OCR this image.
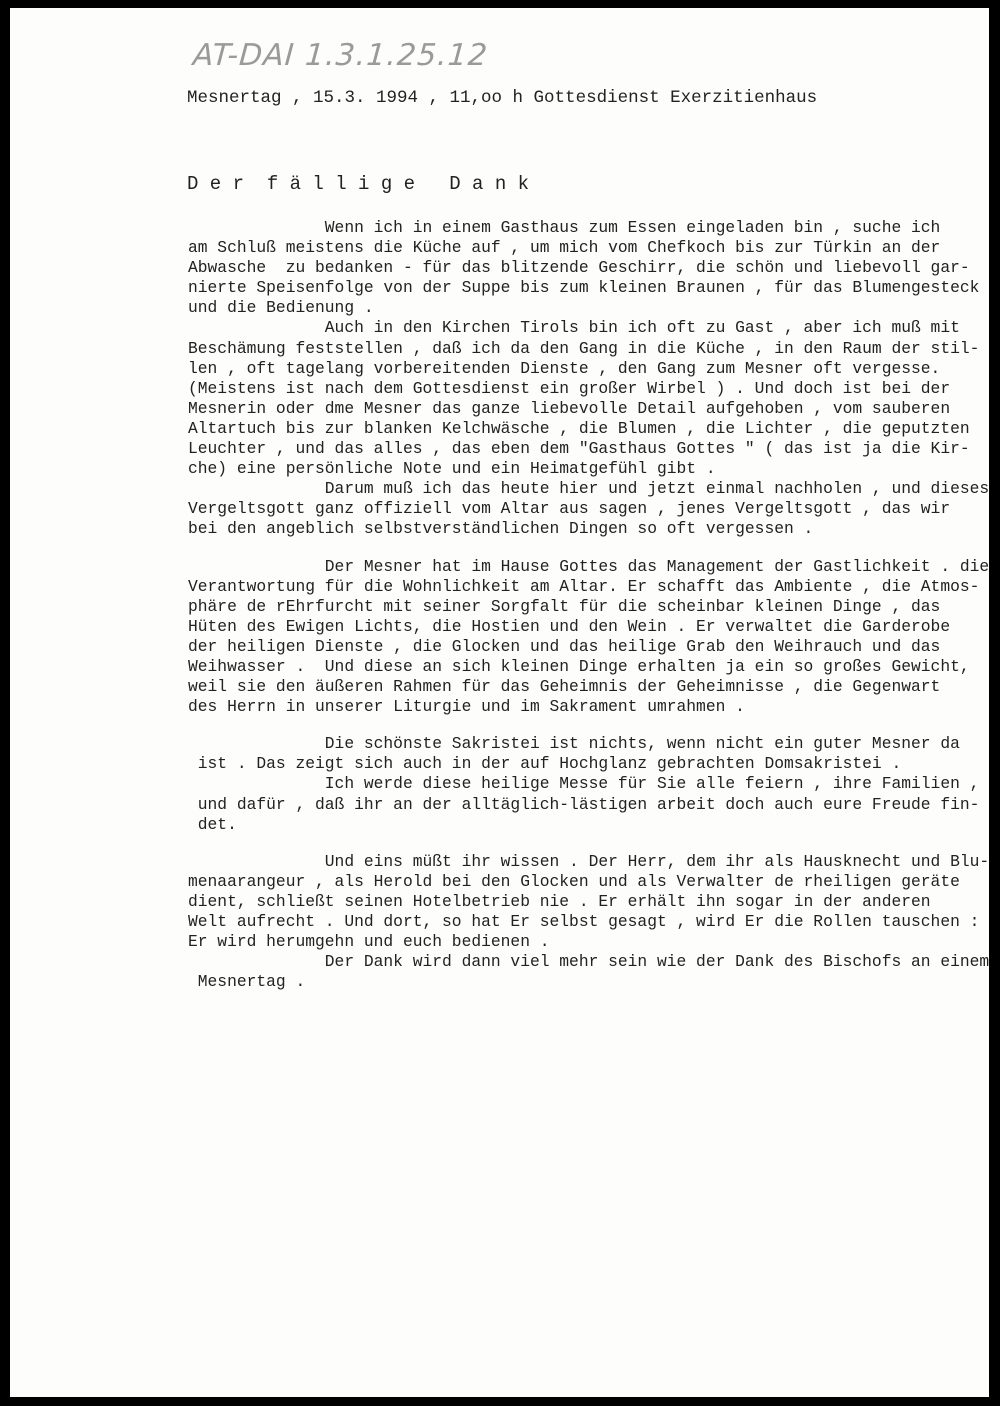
AT-DAI 1.3.1.25.12
Mesnertag , 15.3. 1994 , 11,oo h Gottesdienst Exerzitienhaus
D e r  f ä l l i g e   D a n k
Wenn ich in einem Gasthaus zum Essen eingeladen bin , suche ich
am Schluß meistens die Küche auf , um mich vom Chefkoch bis zur Türkin an der
Abwasche  zu bedanken - für das blitzende Geschirr, die schön und liebevoll gar-
nierte Speisenfolge von der Suppe bis zum kleinen Braunen , für das Blumengesteck
und die Bedienung .
Auch in den Kirchen Tirols bin ich oft zu Gast , aber ich muß mit
Beschämung feststellen , daß ich da den Gang in die Küche , in den Raum der stil-
len , oft tagelang vorbereitenden Dienste , den Gang zum Mesner oft vergesse.
(Meistens ist nach dem Gottesdienst ein großer Wirbel ) . Und doch ist bei der
Mesnerin oder dme Mesner das ganze liebevolle Detail aufgehoben , vom sauberen
Altartuch bis zur blanken Kelchwäsche , die Blumen , die Lichter , die geputzten
Leuchter , und das alles , das eben dem "Gasthaus Gottes " ( das ist ja die Kir-
che) eine persönliche Note und ein Heimatgefühl gibt .
Darum muß ich das heute hier und jetzt einmal nachholen , und dieses
Vergeltsgott ganz offiziell vom Altar aus sagen , jenes Vergeltsgott , das wir
bei den angeblich selbstverständlichen Dingen so oft vergessen .
Der Mesner hat im Hause Gottes das Management der Gastlichkeit . die
Verantwortung für die Wohnlichkeit am Altar. Er schafft das Ambiente , die Atmos-
phäre de rEhrfurcht mit seiner Sorgfalt für die scheinbar kleinen Dinge , das
Hüten des Ewigen Lichts, die Hostien und den Wein . Er verwaltet die Garderobe
der heiligen Dienste , die Glocken und das heilige Grab den Weihrauch und das
Weihwasser .  Und diese an sich kleinen Dinge erhalten ja ein so großes Gewicht,
weil sie den äußeren Rahmen für das Geheimnis der Geheimnisse , die Gegenwart
des Herrn in unserer Liturgie und im Sakrament umrahmen .
Die schönste Sakristei ist nichts, wenn nicht ein guter Mesner da
ist . Das zeigt sich auch in der auf Hochglanz gebrachten Domsakristei .
Ich werde diese heilige Messe für Sie alle feiern , ihre Familien ,
und dafür , daß ihr an der alltäglich-lästigen arbeit doch auch eure Freude fin-
det.
Und eins müßt ihr wissen . Der Herr, dem ihr als Hausknecht und Blu-
menaarangeur , als Herold bei den Glocken und als Verwalter de rheiligen geräte
dient, schließt seinen Hotelbetrieb nie . Er erhält ihn sogar in der anderen
Welt aufrecht . Und dort, so hat Er selbst gesagt , wird Er die Rollen tauschen :
Er wird herumgehn und euch bedienen .
Der Dank wird dann viel mehr sein wie der Dank des Bischofs an einem
Mesnertag .
